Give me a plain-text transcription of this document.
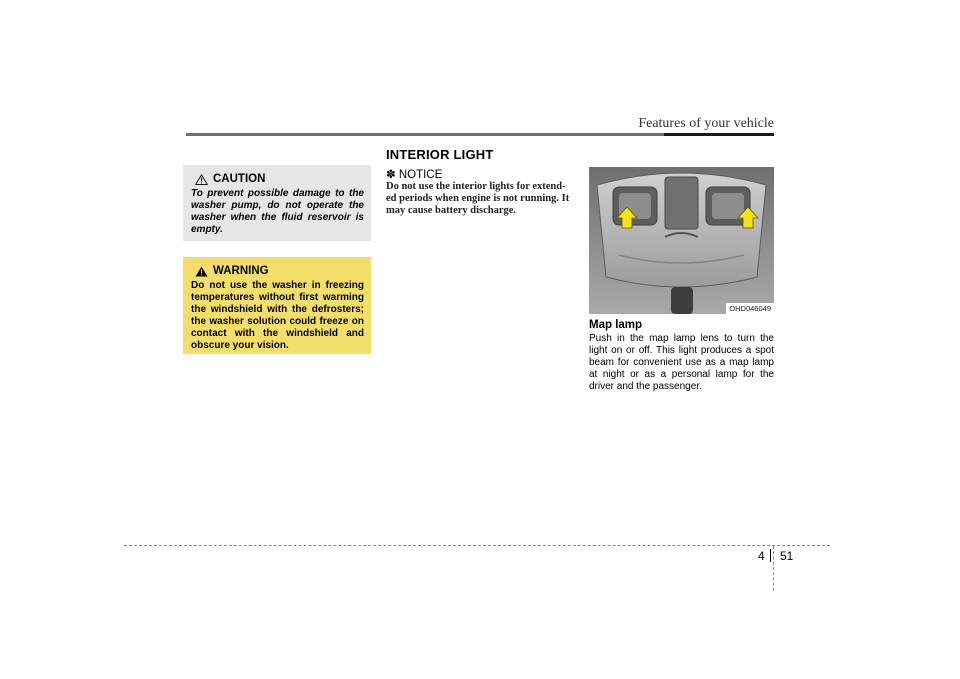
Features of your vehicle
INTERIOR LIGHT
CAUTION
To prevent possible damage to the washer pump, do not operate the washer when the fluid reservoir is empty.
WARNING
Do not use the washer in freezing temperatures without first warming the windshield with the defrosters; the washer solution could freeze on contact with the windshield and obscure your vision.
✽ NOTICE
Do not use the interior lights for extend-ed periods when engine is not running. It may cause battery discharge.
OHD046049
Map lamp
Push in the map lamp lens to turn the light on or off. This light produces a spot beam for convenient use as a map lamp at night or as a personal lamp for the driver and the passenger.
4 51
